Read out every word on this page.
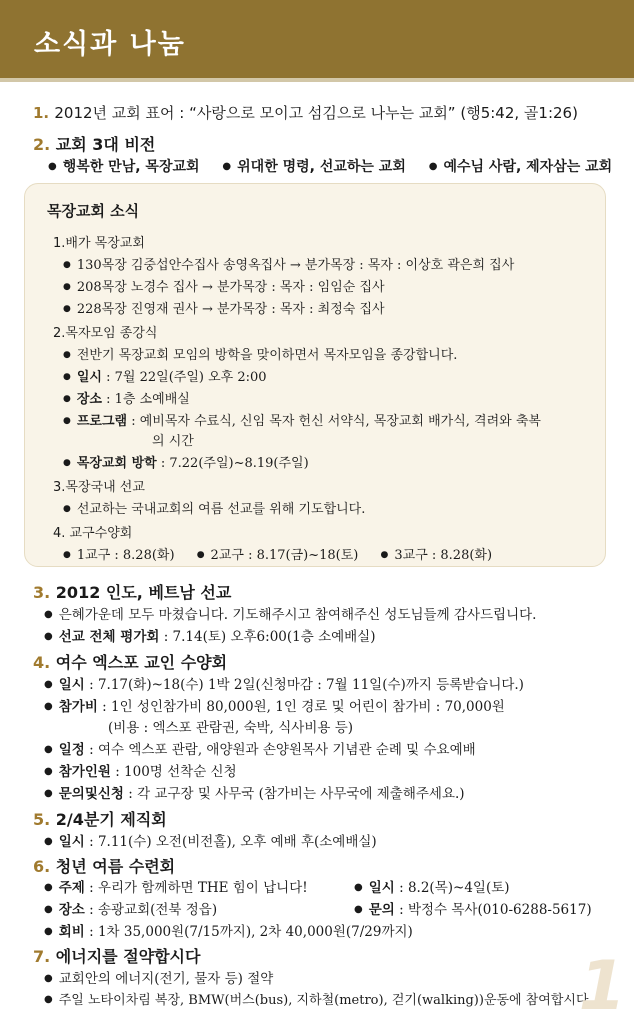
소식과 나눔
1. 2012년 교회 표어 : “사랑으로 모이고 섬김으로 나누는 교회” (행5:42, 골1:26)
2. 교회 3대 비전
● 행복한 만남, 목장교회	● 위대한 명령, 선교하는 교회	● 예수님 사람, 제자삼는 교회
목장교회 소식
1.배가 목장교회
● 130목장 김중섭안수집사 송영옥집사 → 분가목장 : 목자 : 이상호 곽은희 집사
● 208목장 노경수 집사 → 분가목장 : 목자 : 임임순 집사
● 228목장 진영재 권사 → 분가목장 : 목자 : 최정숙 집사
2.목자모임 종강식
● 전반기 목장교회 모임의 방학을 맞이하면서 목자모임을 종강합니다.
● 일시 : 7월 22일(주일) 오후 2:00
● 장소 : 1층 소예배실
● 프로그램 : 예비목자 수료식, 신임 목자 헌신 서약식, 목장교회 배가식, 격려와 축복
의 시간
● 목장교회 방학 : 7.22(주일)~8.19(주일)
3.목장국내 선교
● 선교하는 국내교회의 여름 선교를 위해 기도합니다.
4. 교구수양회
● 1교구 : 8.28(화)	● 2교구 : 8.17(금)~18(토)	● 3교구 : 8.28(화)
3. 2012 인도, 베트남 선교
● 은혜가운데 모두 마쳤습니다. 기도해주시고 참여해주신 성도님들께 감사드립니다.
● 선교 전체 평가회 : 7.14(토) 오후6:00(1층 소예배실)
4. 여수 엑스포 교인 수양회
● 일시 : 7.17(화)~18(수) 1박 2일(신청마감 : 7월 11일(수)까지 등록받습니다.)
● 참가비 : 1인 성인참가비 80,000원, 1인 경로 및 어린이 참가비 : 70,000원
(비용 : 엑스포 관람권, 숙박, 식사비용 등)
● 일정 : 여수 엑스포 관람, 애양원과 손양원목사 기념관 순례 및 수요예배
● 참가인원 : 100명 선착순 신청
● 문의및신청 : 각 교구장 및 사무국 (참가비는 사무국에 제출해주세요.)
5. 2/4분기 제직회
● 일시 : 7.11(수) 오전(비전홀), 오후 예배 후(소예배실)
6. 청년 여름 수련회
● 주제 : 우리가 함께하면 THE 힘이 납니다! ●	일시 : 8.2(목)~4일(토)
● 장소 : 송광교회(전북 정읍) ●	문의 : 박정수 목사(010-6288-5617)
● 회비 : 1차 35,000원(7/15까지), 2차 40,000원(7/29까지)
7. 에너지를 절약합시다
● 교회안의 에너지(전기, 물자 등) 절약
● 주일 노타이차림 복장, BMW(버스(bus), 지하철(metro), 걷기(walking))운동에 참여합시다.
1
